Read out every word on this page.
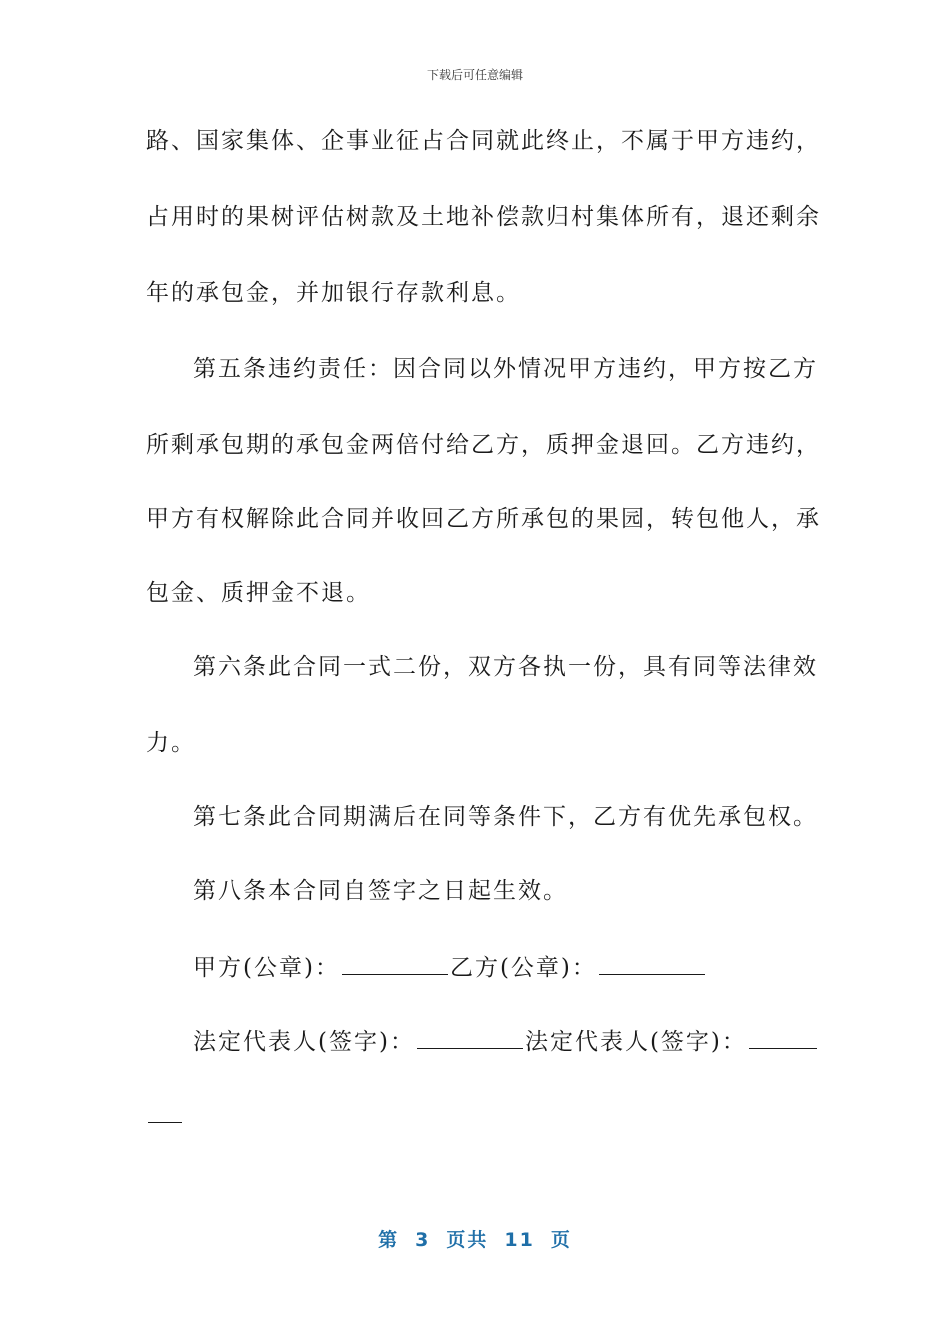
下载后可任意编辑
路、国家集体、企事业征占合同就此终止，不属于甲方违约，
占用时的果树评估树款及土地补偿款归村集体所有，退还剩余
年的承包金，并加银行存款利息。
第五条违约责任：因合同以外情况甲方违约，甲方按乙方
所剩承包期的承包金两倍付给乙方，质押金退回。乙方违约，
甲方有权解除此合同并收回乙方所承包的果园，转包他人，承
包金、质押金不退。
第六条此合同一式二份，双方各执一份，具有同等法律效
力。
第七条此合同期满后在同等条件下，乙方有优先承包权。
第八条本合同自签字之日起生效。
甲方(公章)：	乙方(公章)：
法定代表人(签字)：	法定代表人(签字)：
第 3 页共 11 页
